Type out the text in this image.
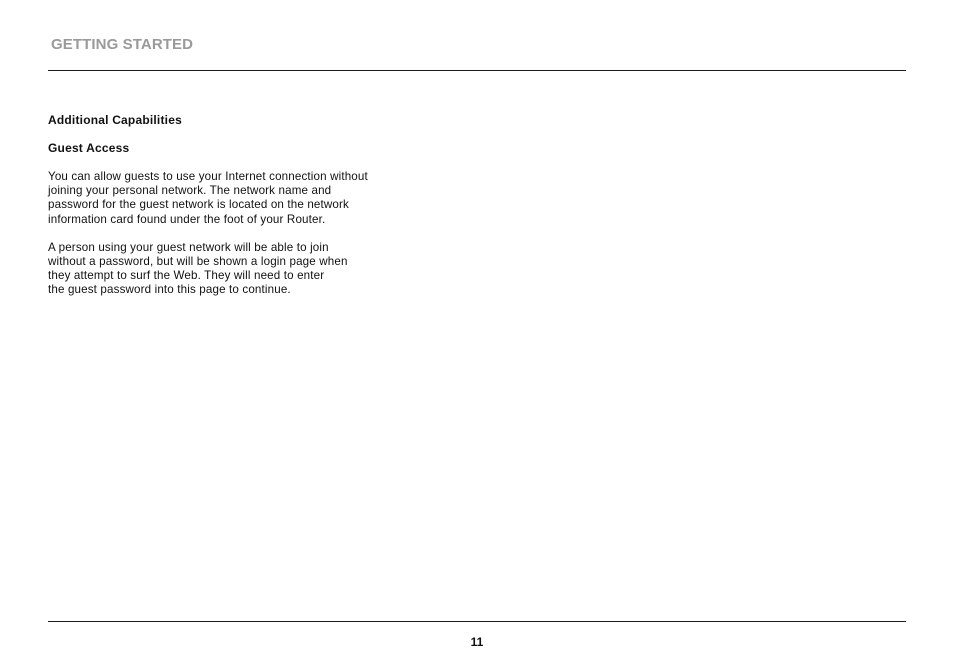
GETTING STARTED
Additional Capabilities
Guest Access

You can allow guests to use your Internet connection without
joining your personal network. The network name and
password for the guest network is located on the network
information card found under the foot of your Router.

A person using your guest network will be able to join
without a password, but will be shown a login page when
they attempt to surf the Web. They will need to enter
the guest password into this page to continue.

11
